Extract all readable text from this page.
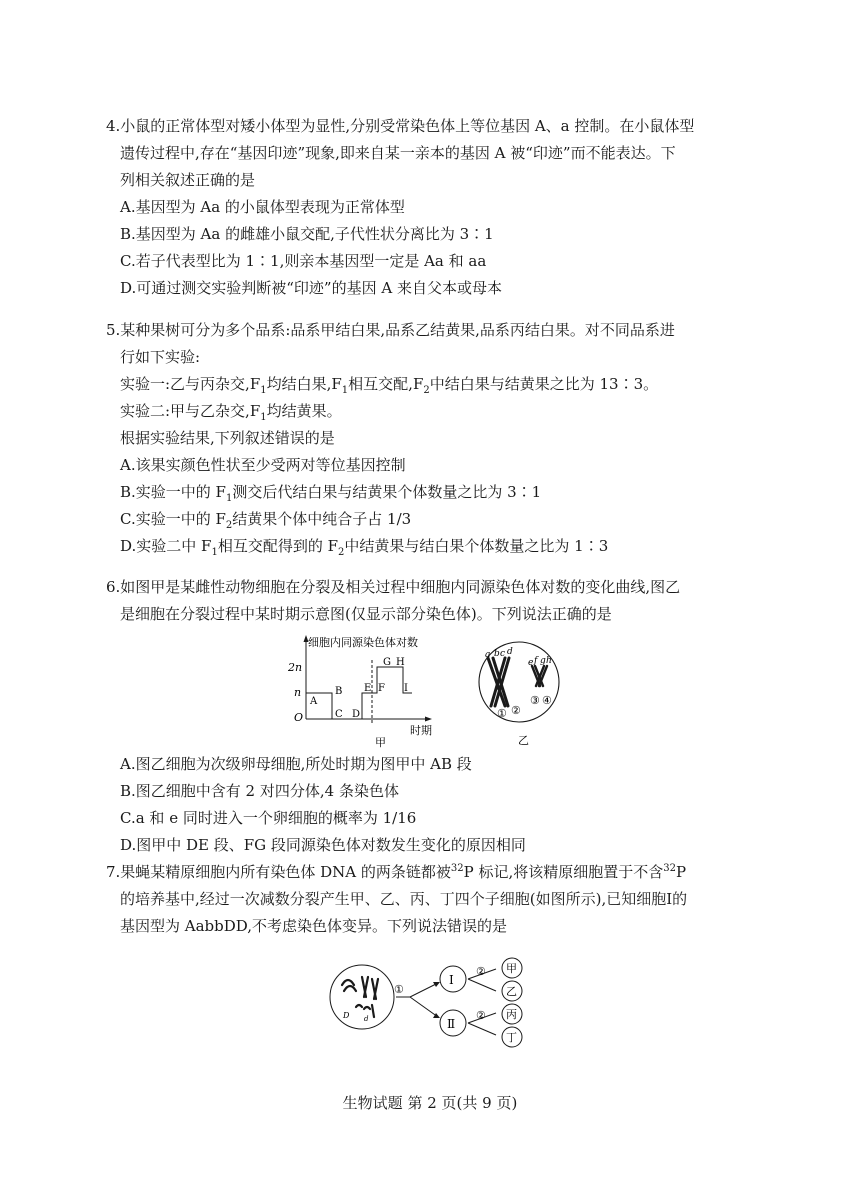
4.小鼠的正常体型对矮小体型为显性,分别受常染色体上等位基因 A、a 控制。在小鼠体型
遗传过程中,存在“基因印迹”现象,即来自某一亲本的基因 A 被“印迹”而不能表达。下
列相关叙述正确的是
A.基因型为 Aa 的小鼠体型表现为正常体型
B.基因型为 Aa 的雌雄小鼠交配,子代性状分离比为 3∶1
C.若子代表型比为 1∶1,则亲本基因型一定是 Aa 和 aa
D.可通过测交实验判断被“印迹”的基因 A 来自父本或母本
5.某种果树可分为多个品系:品系甲结白果,品系乙结黄果,品系丙结白果。对不同品系进
行如下实验:
实验一:乙与丙杂交$,F_1$均结白果$,F_1$相互交配$,F_2$中结白果与结黄果之比为 13∶3。
实验二:甲与乙杂交$,F_1$均结黄果。
根据实验结果,下列叙述错误的是
A.该果实颜色性状至少受两对等位基因控制
B.实验一中的 $F_1$测交后代结白果与结黄果个体数量之比为 3∶1
C.实验一中的 $F_2$结黄果个体中纯合子占 1/3
D.实验二中 $F_1$相互交配得到的 $F_2$中结黄果与结白果个体数量之比为 1∶3
6.如图甲是某雌性动物细胞在分裂及相关过程中细胞内同源染色体对数的变化曲线,图乙
是细胞在分裂过程中某时期示意图(仅显示部分染色体)。下列说法正确的是
细胞内同源染色体对数
2n
n
O
A
B
C D
E F
G H
I
时期
甲
a b c d
e f g h
① ②
③ ④
乙
A.图乙细胞为次级卵母细胞,所处时期为图甲中 AB 段
B.图乙细胞中含有 2 对四分体,4 条染色体
C.a 和 e 同时进入一个卵细胞的概率为 1/16
D.图甲中 DE 段、FG 段同源染色体对数发生变化的原因相同
7.果蝇某精原细胞内所有染色体 DNA 的两条链都被$^{32}$P 标记,将该精原细胞置于不含$^{32}$P
的培养基中,经过一次减数分裂产生甲、乙、丙、丁四个子细胞(如图所示),已知细胞Ⅰ的
基因型为 AabbDD,不考虑染色体变异。下列说法错误的是
D d
①
Ⅰ
Ⅱ
②
②
甲
乙
丙
丁
生物试题 第 2 页(共 9 页)
